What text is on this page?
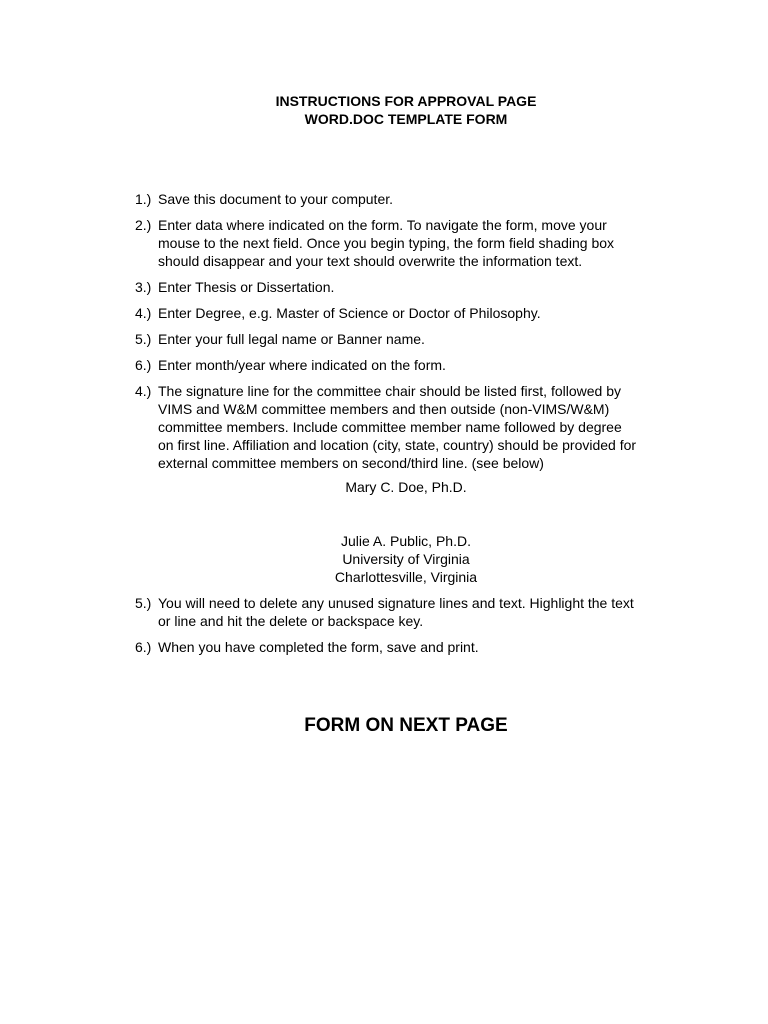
INSTRUCTIONS FOR APPROVAL PAGE
WORD.DOC TEMPLATE FORM
1.) Save this document to your computer.
2.) Enter data where indicated on the form. To navigate the form, move your
mouse to the next field. Once you begin typing, the form field shading box
should disappear and your text should overwrite the information text.
3.) Enter Thesis or Dissertation.
4.) Enter Degree, e.g. Master of Science or Doctor of Philosophy.
5.) Enter your full legal name or Banner name.
6.) Enter month/year where indicated on the form.
4.) The signature line for the committee chair should be listed first, followed by
VIMS and W&M committee members and then outside (non-VIMS/W&M)
committee members. Include committee member name followed by degree
on first line. Affiliation and location (city, state, country) should be provided for
external committee members on second/third line. (see below)
Mary C. Doe, Ph.D.
Julie A. Public, Ph.D.
University of Virginia
Charlottesville, Virginia
5.) You will need to delete any unused signature lines and text. Highlight the text
or line and hit the delete or backspace key.
6.) When you have completed the form, save and print.
FORM ON NEXT PAGE
